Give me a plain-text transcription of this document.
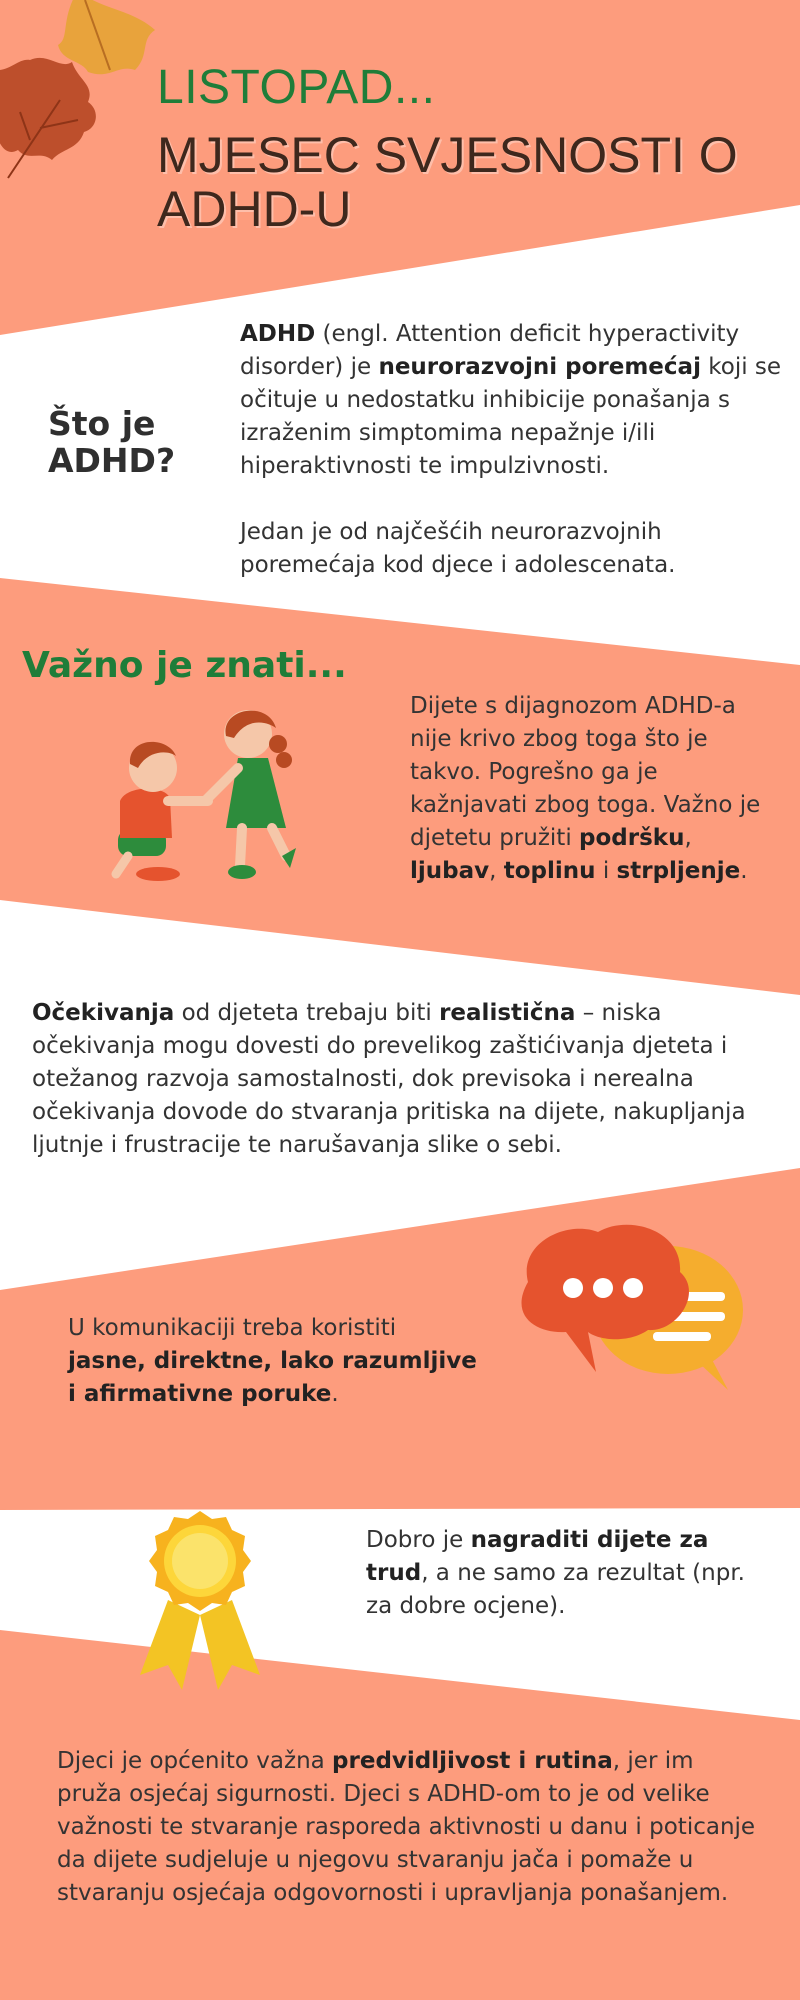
LISTOPAD...
MJESEC SVJESNOSTI O ADHD-U
Što je ADHD?

ADHD (engl. Attention deficit hyperactivity disorder) je neurorazvojni poremećaj koji se očituje u nedostatku inhibicije ponašanja s izraženim simptomima nepažnje i/ili hiperaktivnosti te impulzivnosti.

Jedan je od najčešćih neurorazvojnih poremećaja kod djece i adolescenata.

Važno je znati...
Dijete s dijagnozom ADHD-a nije krivo zbog toga što je takvo. Pogrešno ga je kažnjavati zbog toga. Važno je djetetu pružiti podršku, ljubav, toplinu i strpljenje.
Očekivanja od djeteta trebaju biti realistična – niska očekivanja mogu dovesti do prevelikog zaštićivanja djeteta i otežanog razvoja samostalnosti, dok previsoka i nerealna očekivanja dovode do stvaranja pritiska na dijete, nakupljanja ljutnje i frustracije te narušavanja slike o sebi.

U komunikaciji treba koristiti

jasne, direktne, lako razumljive i afirmativne poruke.

Dobro je nagraditi dijete za trud, a ne samo za rezultat (npr. za dobre ocjene).
Djeci je općenito važna predvidljivost i rutina, jer im pruža osjećaj sigurnosti. Djeci s ADHD-om to je od velike važnosti te stvaranje rasporeda aktivnosti u danu i poticanje da dijete sudjeluje u njegovu stvaranju jača i pomaže u stvaranju osjećaja odgovornosti i upravljanja ponašanjem.
